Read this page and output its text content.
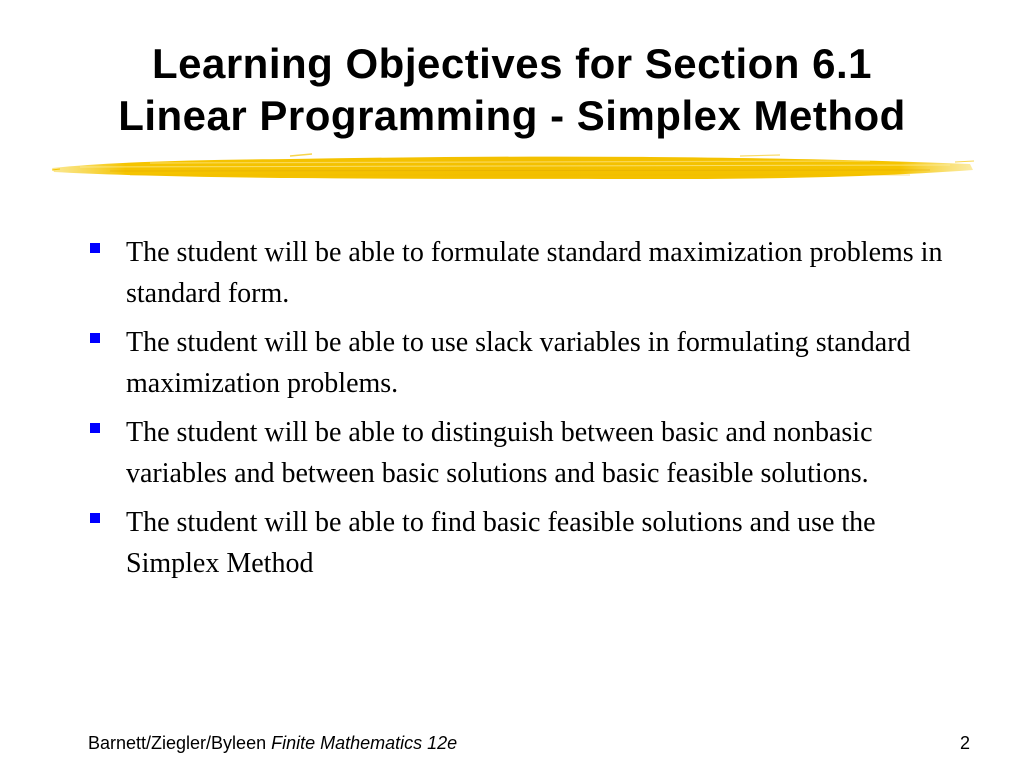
Learning Objectives for Section 6.1
Linear Programming - Simplex Method
The student will be able to formulate standard maximization problems in standard form.
The student will be able to use slack variables in formulating standard maximization problems.
The student will be able to distinguish between basic and nonbasic variables and between basic solutions and basic feasible solutions.
The student will be able to find basic feasible solutions and use the Simplex Method
Barnett/Ziegler/Byleen Finite Mathematics 12e	2
